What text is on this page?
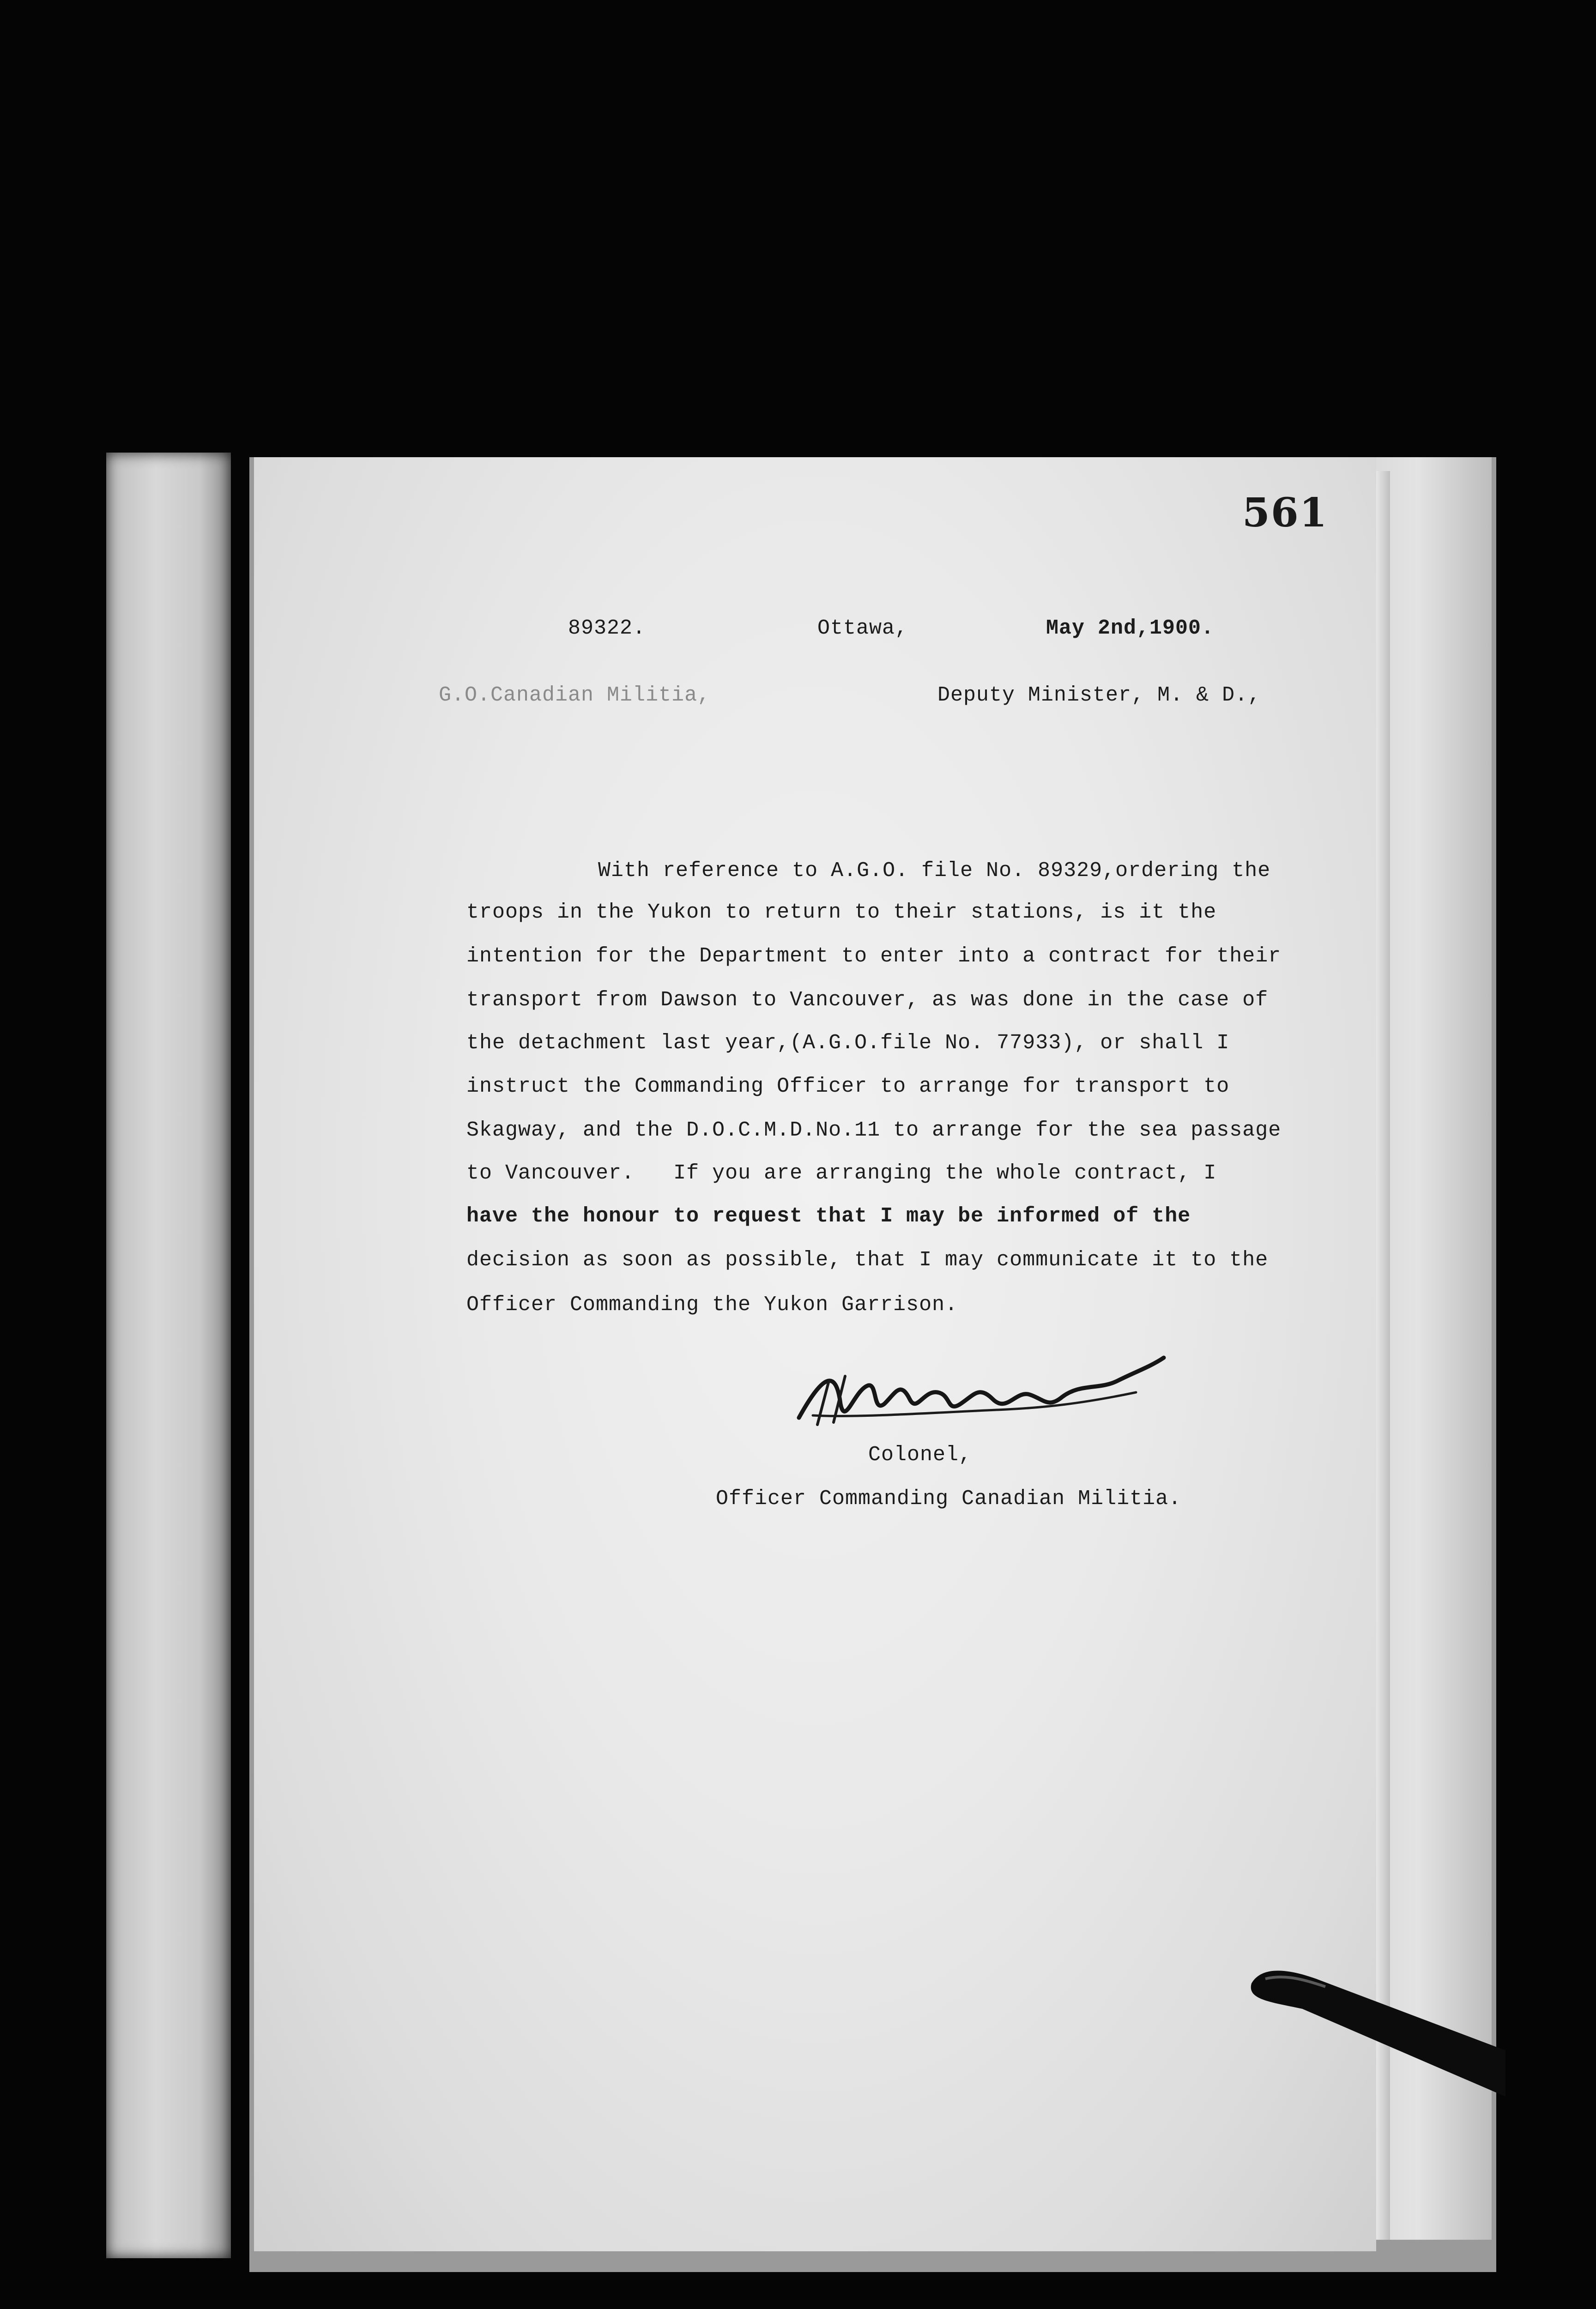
561
89322.	Ottawa,	May 2nd,1900.
G.O.Canadian Militia,	Deputy Minister, M. & D.,
With reference to A.G.O. file No. 89329,ordering the
troops in the Yukon to return to their stations, is it the
intention for the Department to enter into a contract for their
transport from Dawson to Vancouver, as was done in the case of
the detachment last year,(A.G.O.file No. 77933), or shall I
instruct the Commanding Officer to arrange for transport to
Skagway, and the D.O.C.M.D.No.11 to arrange for the sea passage
to Vancouver.   If you are arranging the whole contract, I
have the honour to request that I may be informed of the
decision as soon as possible, that I may communicate it to the
Officer Commanding the Yukon Garrison.
Colonel,
Officer Commanding Canadian Militia.
